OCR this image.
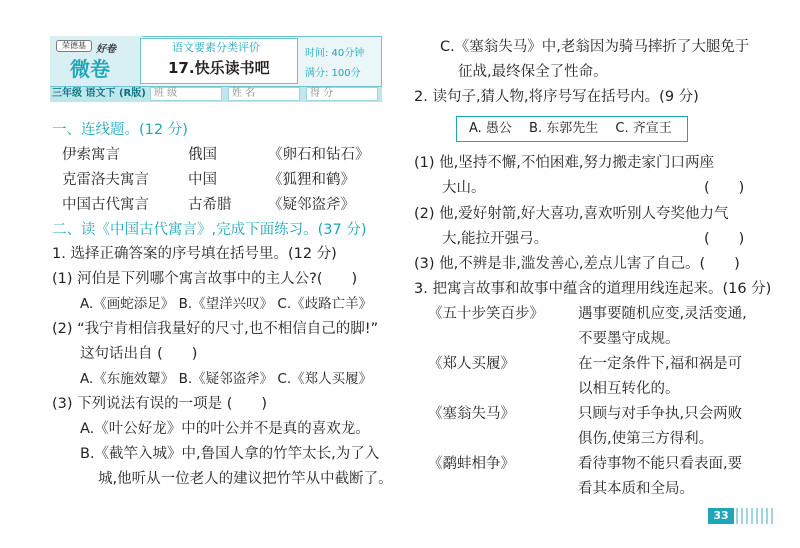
荣德基	好卷
微卷
语文要素分类评价
17.快乐读书吧
时间: 40分钟
满分: 100分
三年级 语文下 (R版) 班 级	姓 名	得 分
一、连线题。(12 分)
伊索寓言	俄国	《卵石和钻石》
克雷洛夫寓言	中国	《狐狸和鹤》
中国古代寓言	古希腊	《疑邻盗斧》
二、读《中国古代寓言》,完成下面练习。(37 分)
1. 选择正确答案的序号填在括号里。(12 分)
(1) 河伯是下列哪个寓言故事中的主人公?(　　)
A.《画蛇添足》 B.《望洋兴叹》 C.《歧路亡羊》
(2) “我宁肯相信我量好的尺寸,也不相信自己的脚!”
这句话出自 (　　)
A.《东施效颦》 B.《疑邻盗斧》 C.《郑人买履》
(3) 下列说法有误的一项是 (　　)
A.《叶公好龙》中的叶公并不是真的喜欢龙。
B.《截竿入城》中,鲁国人拿的竹竿太长,为了入
城,他听从一位老人的建议把竹竿从中截断了。
C.《塞翁失马》中,老翁因为骑马摔折了大腿免于
征战,最终保全了性命。
2. 读句子,猜人物,将序号写在括号内。(9 分)
A. 愚公　 B. 东郭先生　 C. 齐宣王
(1) 他,坚持不懈,不怕困难,努力搬走家门口两座
大山。	(　　)
(2) 他,爱好射箭,好大喜功,喜欢听别人夸奖他力气
大,能拉开强弓。	(　　)
(3) 他,不辨是非,滥发善心,差点儿害了自己。(　　)
3. 把寓言故事和故事中蕴含的道理用线连起来。(16 分)
《五十步笑百步》 遇事要随机应变,灵活变通,
不要墨守成规。
《郑人买履》	在一定条件下,福和祸是可
以相互转化的。
《塞翁失马》	只顾与对手争执,只会两败
俱伤,使第三方得利。
《鹬蚌相争》	看待事物不能只看表面,要
看其本质和全局。
33
